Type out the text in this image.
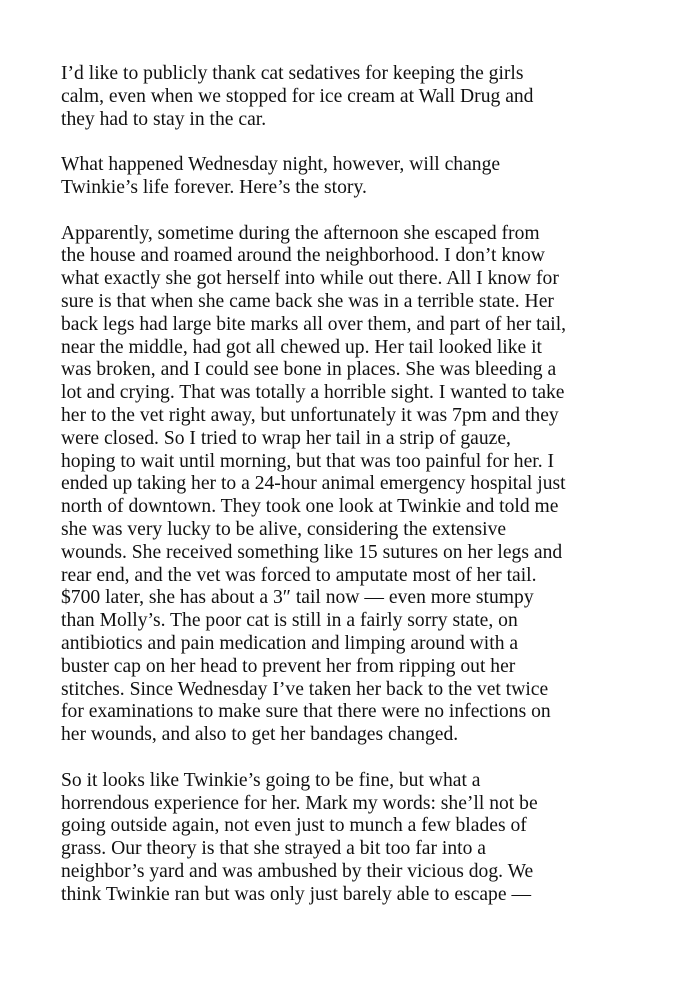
I’d like to publicly thank cat sedatives for keeping the girls
calm, even when we stopped for ice cream at Wall Drug and
they had to stay in the car.

What happened Wednesday night, however, will change
Twinkie’s life forever. Here’s the story.

Apparently, sometime during the afternoon she escaped from
the house and roamed around the neighborhood. I don’t know
what exactly she got herself into while out there. All I know for
sure is that when she came back she was in a terrible state. Her
back legs had large bite marks all over them, and part of her tail,
near the middle, had got all chewed up. Her tail looked like it
was broken, and I could see bone in places. She was bleeding a
lot and crying. That was totally a horrible sight. I wanted to take
her to the vet right away, but unfortunately it was 7pm and they
were closed. So I tried to wrap her tail in a strip of gauze,
hoping to wait until morning, but that was too painful for her. I
ended up taking her to a 24-hour animal emergency hospital just
north of downtown. They took one look at Twinkie and told me
she was very lucky to be alive, considering the extensive
wounds. She received something like 15 sutures on her legs and
rear end, and the vet was forced to amputate most of her tail.
$700 later, she has about a 3″ tail now — even more stumpy
than Molly’s. The poor cat is still in a fairly sorry state, on
antibiotics and pain medication and limping around with a
buster cap on her head to prevent her from ripping out her
stitches. Since Wednesday I’ve taken her back to the vet twice
for examinations to make sure that there were no infections on
her wounds, and also to get her bandages changed.

So it looks like Twinkie’s going to be fine, but what a
horrendous experience for her. Mark my words: she’ll not be
going outside again, not even just to munch a few blades of
grass. Our theory is that she strayed a bit too far into a
neighbor’s yard and was ambushed by their vicious dog. We
think Twinkie ran but was only just barely able to escape —
